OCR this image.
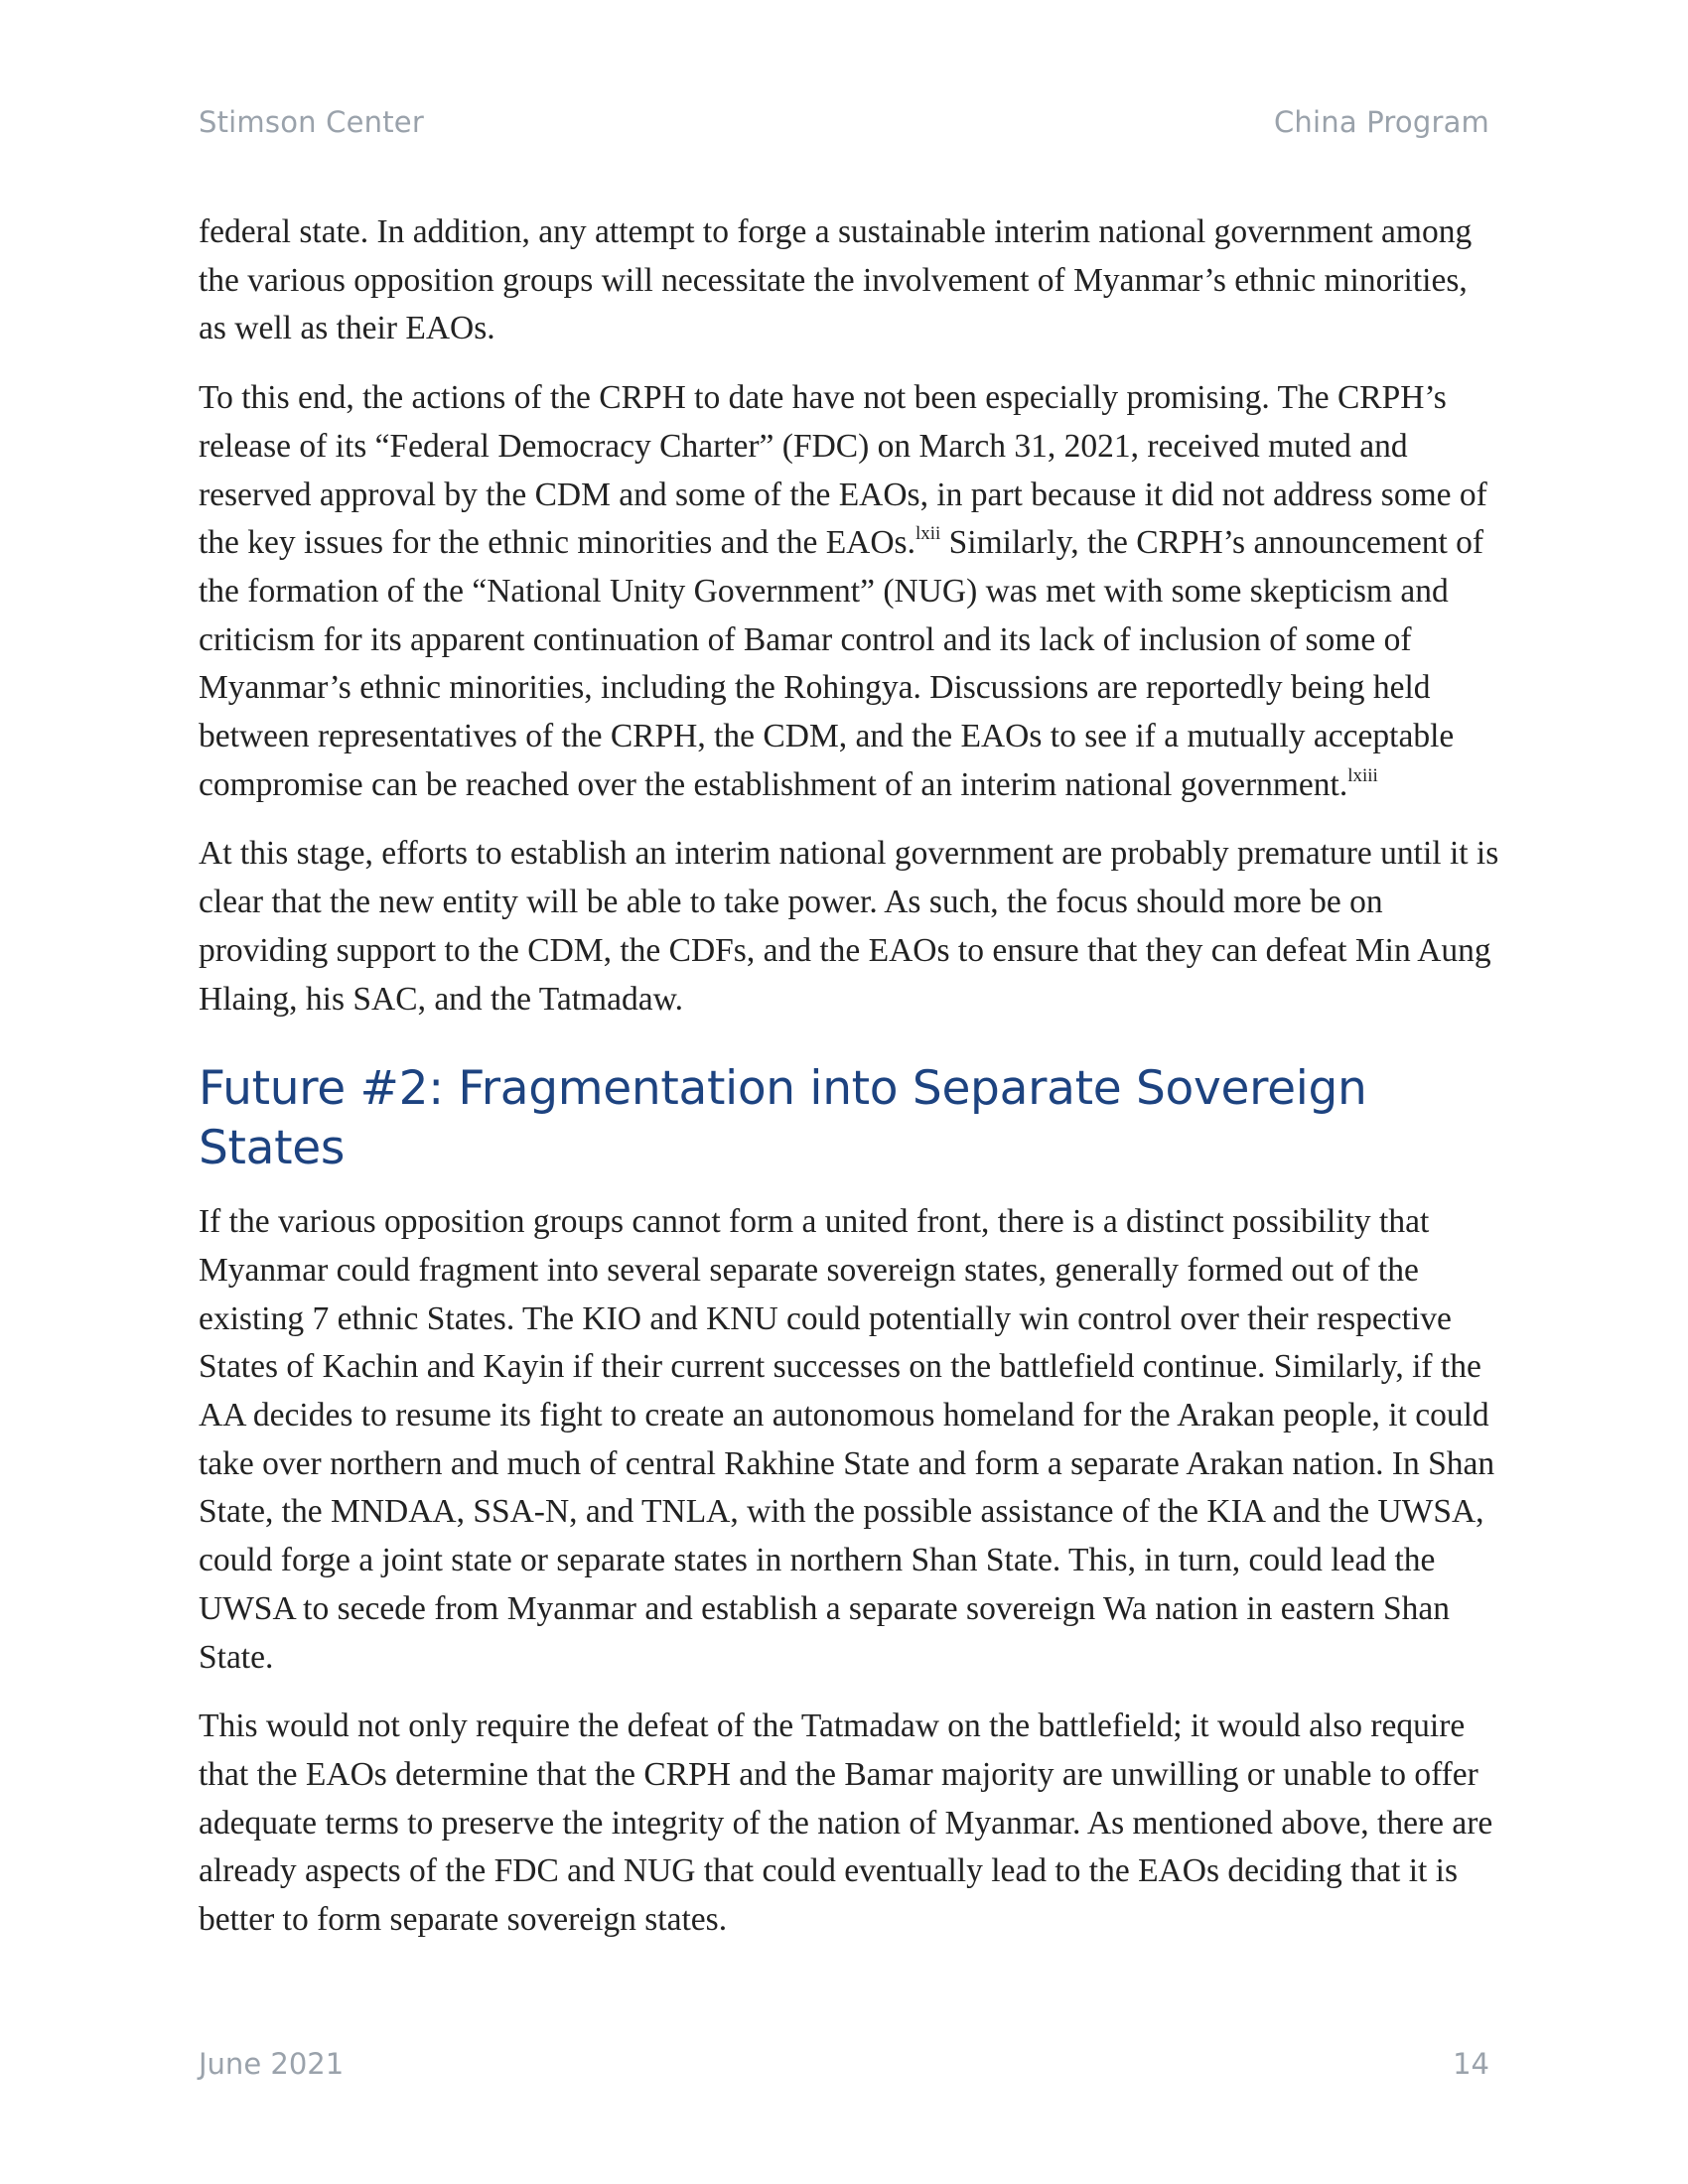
Stimson Center	China Program

federal state. In addition, any attempt to forge a sustainable interim national government among the various opposition groups will necessitate the involvement of Myanmar’s ethnic minorities, as well as their EAOs.

To this end, the actions of the CRPH to date have not been especially promising. The CRPH’s release of its “Federal Democracy Charter” (FDC) on March 31, 2021, received muted and reserved approval by the CDM and some of the EAOs, in part because it did not address some of the key issues for the ethnic minorities and the EAOs.$^{lxii}$ Similarly, the CRPH’s announcement of the formation of the “National Unity Government” (NUG) was met with some skepticism and criticism for its apparent continuation of Bamar control and its lack of inclusion of some of Myanmar’s ethnic minorities, including the Rohingya. Discussions are reportedly being held between representatives of the CRPH, the CDM, and the EAOs to see if a mutually acceptable compromise can be reached over the establishment of an interim national government.$^{lxiii}$

At this stage, efforts to establish an interim national government are probably premature until it is clear that the new entity will be able to take power. As such, the focus should more be on providing support to the CDM, the CDFs, and the EAOs to ensure that they can defeat Min Aung Hlaing, his SAC, and the Tatmadaw.

Future #2: Fragmentation into Separate Sovereign States

If the various opposition groups cannot form a united front, there is a distinct possibility that Myanmar could fragment into several separate sovereign states, generally formed out of the existing 7 ethnic States. The KIO and KNU could potentially win control over their respective States of Kachin and Kayin if their current successes on the battlefield continue. Similarly, if the AA decides to resume its fight to create an autonomous homeland for the Arakan people, it could take over northern and much of central Rakhine State and form a separate Arakan nation. In Shan State, the MNDAA, SSA-N, and TNLA, with the possible assistance of the KIA and the UWSA, could forge a joint state or separate states in northern Shan State. This, in turn, could lead the UWSA to secede from Myanmar and establish a separate sovereign Wa nation in eastern Shan State.

This would not only require the defeat of the Tatmadaw on the battlefield; it would also require that the EAOs determine that the CRPH and the Bamar majority are unwilling or unable to offer adequate terms to preserve the integrity of the nation of Myanmar. As mentioned above, there are already aspects of the FDC and NUG that could eventually lead to the EAOs deciding that it is better to form separate sovereign states.

June 2021	14
